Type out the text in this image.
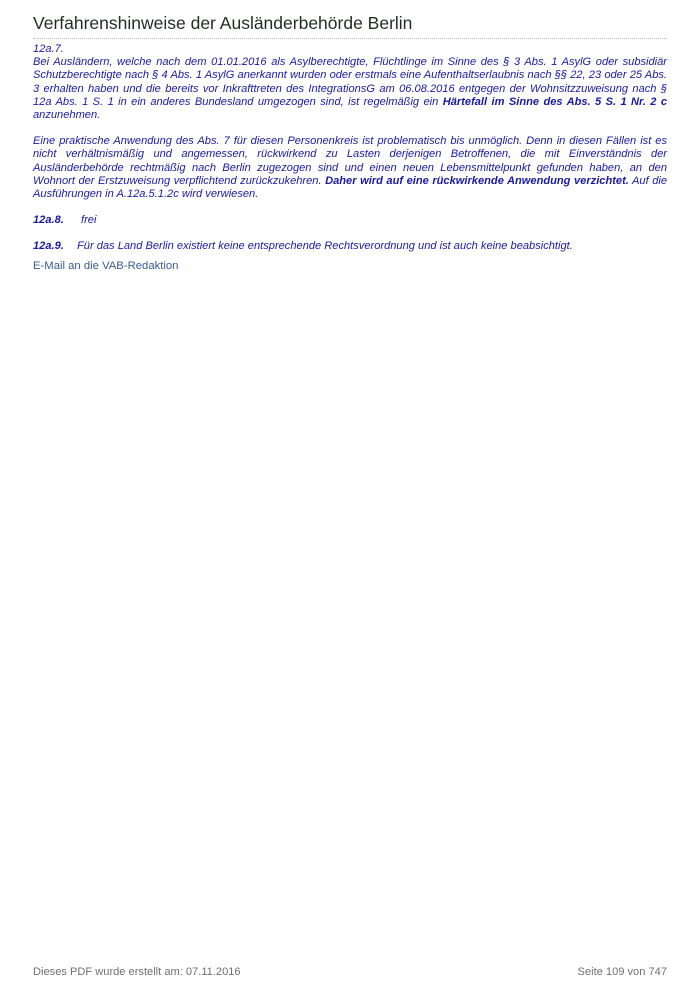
Verfahrenshinweise der Ausländerbehörde Berlin

12a.7.

Bei Ausländern, welche nach dem 01.01.2016 als Asylberechtigte, Flüchtlinge im Sinne des § 3 Abs. 1 AsylG oder subsidiär Schutzberechtigte nach § 4 Abs. 1 AsylG anerkannt wurden oder erstmals eine Aufenthaltserlaubnis nach §§ 22, 23 oder 25 Abs. 3 erhalten haben und die bereits vor Inkrafttreten des IntegrationsG am 06.08.2016 entgegen der Wohnsitzzuweisung nach § 12a Abs. 1 S. 1 in ein anderes Bundesland umgezogen sind, ist regelmäßig ein Härtefall im Sinne des Abs. 5 S. 1 Nr. 2 c anzunehmen.

Eine praktische Anwendung des Abs. 7 für diesen Personenkreis ist problematisch bis unmöglich. Denn in diesen Fällen ist es nicht verhältnismäßig und angemessen, rückwirkend zu Lasten derjenigen Betroffenen, die mit Einverständnis der Ausländerbehörde rechtmäßig nach Berlin zugezogen sind und einen neuen Lebensmittelpunkt gefunden haben, an den Wohnort der Erstzuweisung verpflichtend zurückzukehren. Daher wird auf eine rückwirkende Anwendung verzichtet. Auf die Ausführungen in A.12a.5.1.2c wird verwiesen.

12a.8. frei

12a.9. Für das Land Berlin existiert keine entsprechende Rechtsverordnung und ist auch keine beabsichtigt.

E-Mail an die VAB-Redaktion
Dieses PDF wurde erstellt am: 07.11.2016	Seite 109 von 747
